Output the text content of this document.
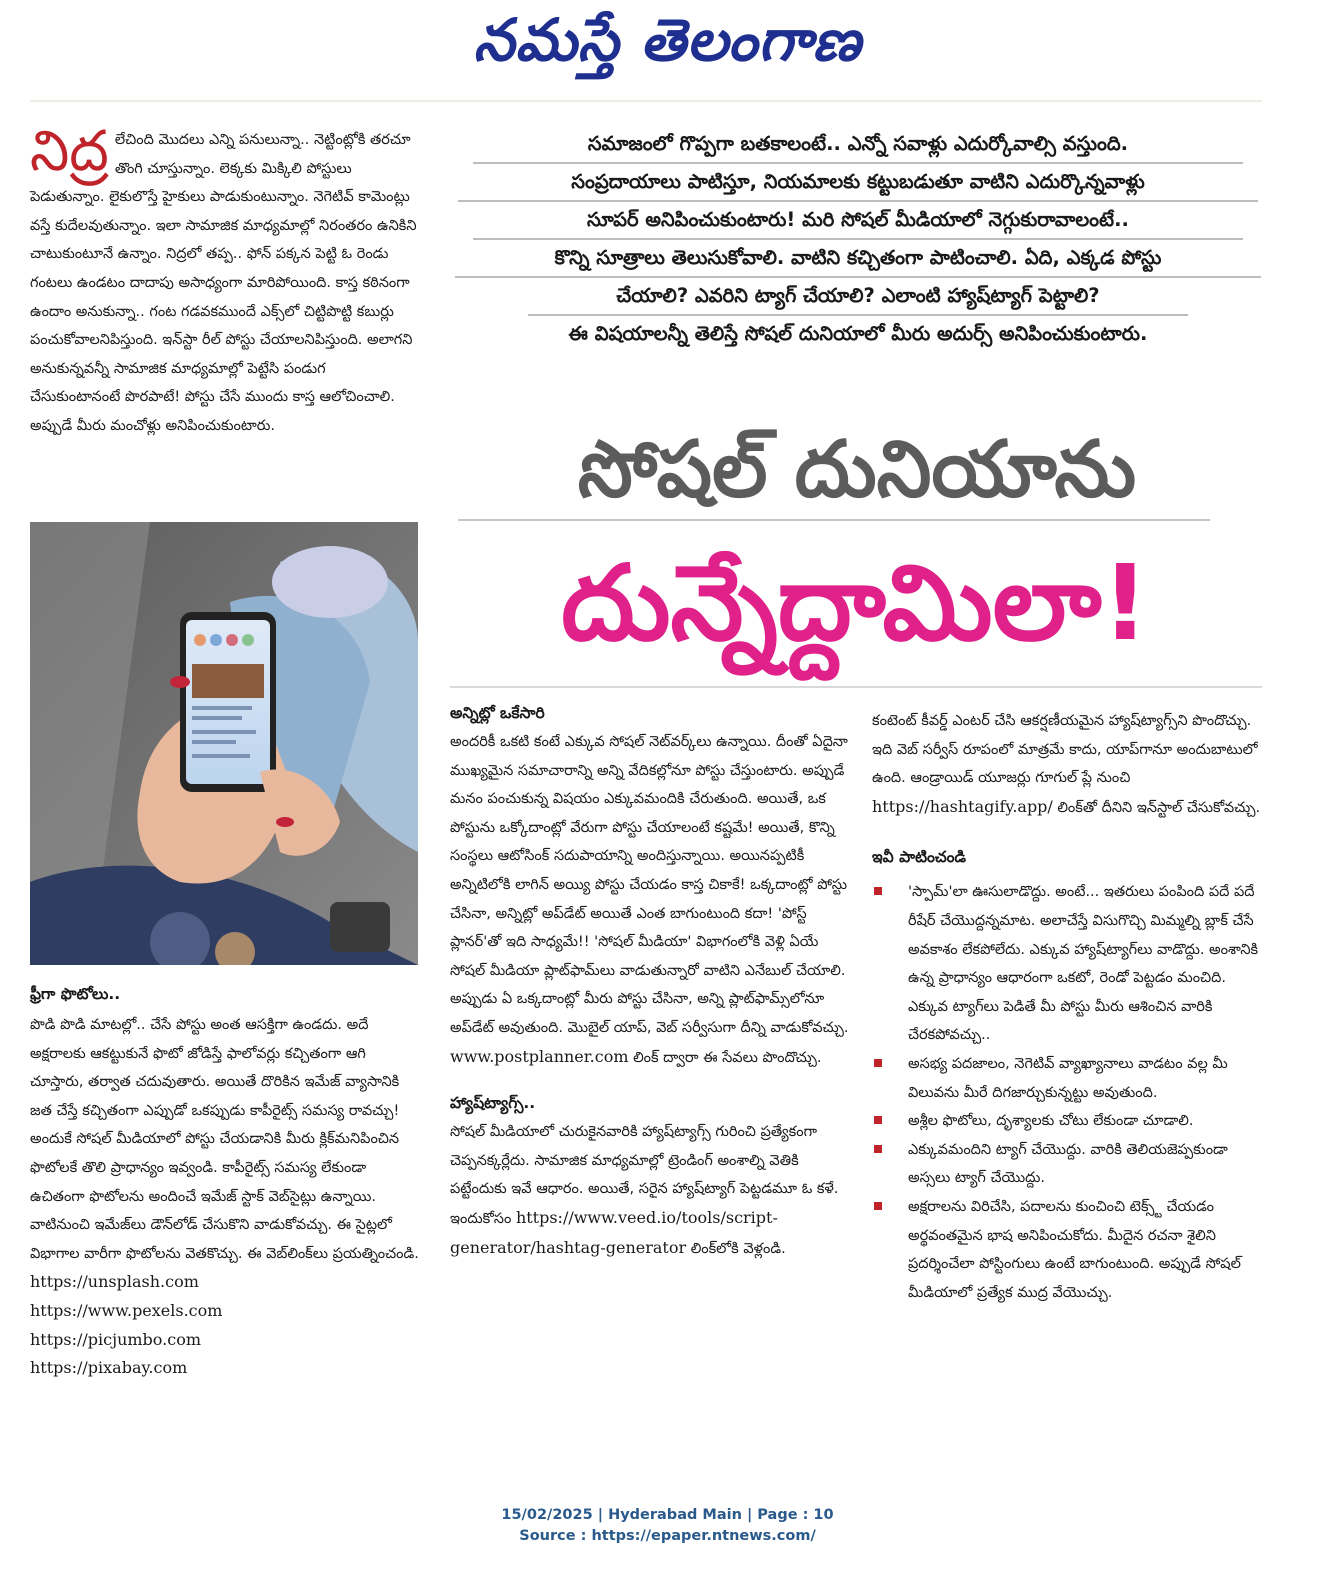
నమస్తే తెలంగాణ

నిద్ర లేచింది మొదలు ఎన్ని పనులున్నా.. నెట్టింట్లోకి తరచూ తొంగి చూస్తున్నాం. లెక్కకు మిక్కిలి పోస్టులు పెడుతున్నాం. లైకులొస్తే హైకులు పాడుకుంటున్నాం. నెగెటివ్ కామెంట్లు వస్తే కుదేలవుతున్నాం. ఇలా సామాజిక మాధ్యమాల్లో నిరంతరం ఉనికిని చాటుకుంటూనే ఉన్నాం. నిద్రలో తప్ప.. ఫోన్ పక్కన పెట్టి ఓ రెండు గంటలు ఉండటం దాదాపు అసాధ్యంగా మారిపోయింది. కాస్త కఠినంగా ఉందాం అనుకున్నా.. గంట గడవకముందే ఎక్స్‌లో చిట్టిపొట్టి కబుర్లు పంచుకోవాలనిపిస్తుంది. ఇన్‌స్టా రీల్ పోస్టు చేయాలనిపిస్తుంది. అలాగని అనుకున్నవన్నీ సామాజిక మాధ్యమాల్లో పెట్టేసి పండుగ చేసుకుంటానంటే పొరపాటే! పోస్టు చేసే ముందు కాస్త ఆలోచించాలి. అప్పుడే మీరు మంచోళ్లు అనిపించుకుంటారు.

ఫ్రీగా ఫొటోలు..

పొడి పొడి మాటల్లో.. చేసే పోస్టు అంత ఆసక్తిగా ఉండదు. అదే అక్షరాలకు ఆకట్టుకునే ఫొటో జోడిస్తే ఫాలోవర్లు కచ్చితంగా ఆగి చూస్తారు, తర్వాత చదువుతారు. అయితే దొరికిన ఇమేజ్ వ్యాసానికి జత చేస్తే కచ్చితంగా ఎప్పుడో ఒకప్పుడు కాపీరైట్స్ సమస్య రావచ్చు! అందుకే సోషల్ మీడియాలో పోస్టు చేయడానికి మీరు క్లిక్‌మనిపించిన ఫొటోలకే తొలి ప్రాధాన్యం ఇవ్వండి. కాపీరైట్స్ సమస్య లేకుండా ఉచితంగా ఫొటోలను అందించే ఇమేజ్ స్టాక్ వెబ్‌సైట్లు ఉన్నాయి. వాటినుంచి ఇమేజ్‌లు డౌన్‌లోడ్ చేసుకొని వాడుకోవచ్చు. ఈ సైట్లలో విభాగాల వారీగా ఫొటోలను వెతకొచ్చు. ఈ వెబ్‌లింక్‌లు ప్రయత్నించండి.

https://unsplash.com
https://www.pexels.com
https://picjumbo.com
https://pixabay.com
సమాజంలో గొప్పగా బతకాలంటే.. ఎన్నో సవాళ్లు ఎదుర్కోవాల్సి వస్తుంది.
సంప్రదాయాలు పాటిస్తూ, నియమాలకు కట్టుబడుతూ వాటిని ఎదుర్కొన్నవాళ్లు
సూపర్ అనిపించుకుంటారు! మరి సోషల్ మీడియాలో నెగ్గుకురావాలంటే..
కొన్ని సూత్రాలు తెలుసుకోవాలి. వాటిని కచ్చితంగా పాటించాలి. ఏది, ఎక్కడ పోస్టు
చేయాలి? ఎవరిని ట్యాగ్ చేయాలి? ఎలాంటి హ్యాష్‌ట్యాగ్ పెట్టాలి?
ఈ విషయాలన్నీ తెలిస్తే సోషల్ దునియాలో మీరు అదుర్స్ అనిపించుకుంటారు.
సోషల్ దునియాను
దున్నేద్దామిలా!

అన్నిట్లో ఒకేసారి

అందరికీ ఒకటి కంటే ఎక్కువ సోషల్ నెట్‌వర్క్‌లు ఉన్నాయి. దీంతో ఏదైనా ముఖ్యమైన సమాచారాన్ని అన్ని వేదికల్లోనూ పోస్టు చేస్తుంటారు. అప్పుడే మనం పంచుకున్న విషయం ఎక్కువమందికి చేరుతుంది. అయితే, ఒక పోస్టును ఒక్కోదాంట్లో వేరుగా పోస్టు చేయాలంటే కష్టమే! అయితే, కొన్ని సంస్థలు ఆటోసింక్ సదుపాయాన్ని అందిస్తున్నాయి. అయినప్పటికీ అన్నిటిలోకి లాగిన్ అయ్యి పోస్టు చేయడం కాస్త చికాకే! ఒక్కదాంట్లో పోస్టు చేసినా, అన్నిట్లో అప్‌డేట్ అయితే ఎంత బాగుంటుంది కదా! 'పోస్ట్ ప్లానర్'తో ఇది సాధ్యమే!! 'సోషల్ మీడియా' విభాగంలోకి వెళ్లి ఏయే సోషల్ మీడియా ప్లాట్‌ఫామ్‌లు వాడుతున్నారో వాటిని ఎనేబుల్ చేయాలి. అప్పుడు ఏ ఒక్కదాంట్లో మీరు పోస్టు చేసినా, అన్ని ప్లాట్‌ఫామ్స్‌లోనూ అప్‌డేట్ అవుతుంది. మొబైల్ యాప్, వెబ్ సర్వీసుగా దీన్ని వాడుకోవచ్చు. www.postplanner.com లింక్ ద్వారా ఈ సేవలు పొందొచ్చు.

హ్యాష్‌ట్యాగ్స్..

సోషల్ మీడియాలో చురుకైనవారికి హ్యాష్‌ట్యాగ్స్ గురించి ప్రత్యేకంగా చెప్పనక్కర్లేదు. సామాజిక మాధ్యమాల్లో ట్రెండింగ్ అంశాల్ని వెతికి పట్టేందుకు ఇవే ఆధారం. అయితే, సరైన హ్యాష్‌ట్యాగ్ పెట్టడమూ ఓ కళే. ఇందుకోసం https://www.veed.io/tools/script-generator/hashtag-generator లింక్‌లోకి వెళ్లండి.

కంటెంట్ కీవర్డ్ ఎంటర్ చేసి ఆకర్షణీయమైన హ్యాష్‌ట్యాగ్స్‌ని పొందొచ్చు. ఇది వెబ్ సర్వీస్ రూపంలో మాత్రమే కాదు, యాప్‌గానూ అందుబాటులో ఉంది. ఆండ్రాయిడ్ యూజర్లు గూగుల్ ప్లే నుంచి https://hashtagify.app/ లింక్‌తో దీనిని ఇన్‌స్టాల్ చేసుకోవచ్చు.

ఇవీ పాటించండి

'స్పామ్'లా ఊసులాడొద్దు. అంటే... ఇతరులు పంపింది పదే పదే రీషేర్ చేయొద్దన్నమాట. అలాచేస్తే విసుగొచ్చి మిమ్మల్ని బ్లాక్ చేసే అవకాశం లేకపోలేదు. ఎక్కువ హ్యాష్‌ట్యాగ్‌లు వాడొద్దు. అంశానికి ఉన్న ప్రాధాన్యం ఆధారంగా ఒకటో, రెండో పెట్టడం మంచిది. ఎక్కువ ట్యాగ్‌లు పెడితే మీ పోస్టు మీరు ఆశించిన వారికి చేరకపోవచ్చు..
అసభ్య పదజాలం, నెగెటివ్ వ్యాఖ్యానాలు వాడటం వల్ల మీ విలువను మీరే దిగజార్చుకున్నట్టు అవుతుంది.
అశ్లీల ఫొటోలు, దృశ్యాలకు చోటు లేకుండా చూడాలి.
ఎక్కువమందిని ట్యాగ్ చేయొద్దు. వారికి తెలియజెప్పకుండా అస్సలు ట్యాగ్ చేయొద్దు.
అక్షరాలను విరిచేసి, పదాలను కుంచించి టెక్స్ట్ చేయడం అర్థవంతమైన భాష అనిపించుకోదు. మీదైన రచనా శైలిని ప్రదర్శించేలా పోస్టింగులు ఉంటే బాగుంటుంది. అప్పుడే సోషల్ మీడియాలో ప్రత్యేక ముద్ర వేయొచ్చు.
15/02/2025 | Hyderabad Main | Page : 10
Source : https://epaper.ntnews.com/
